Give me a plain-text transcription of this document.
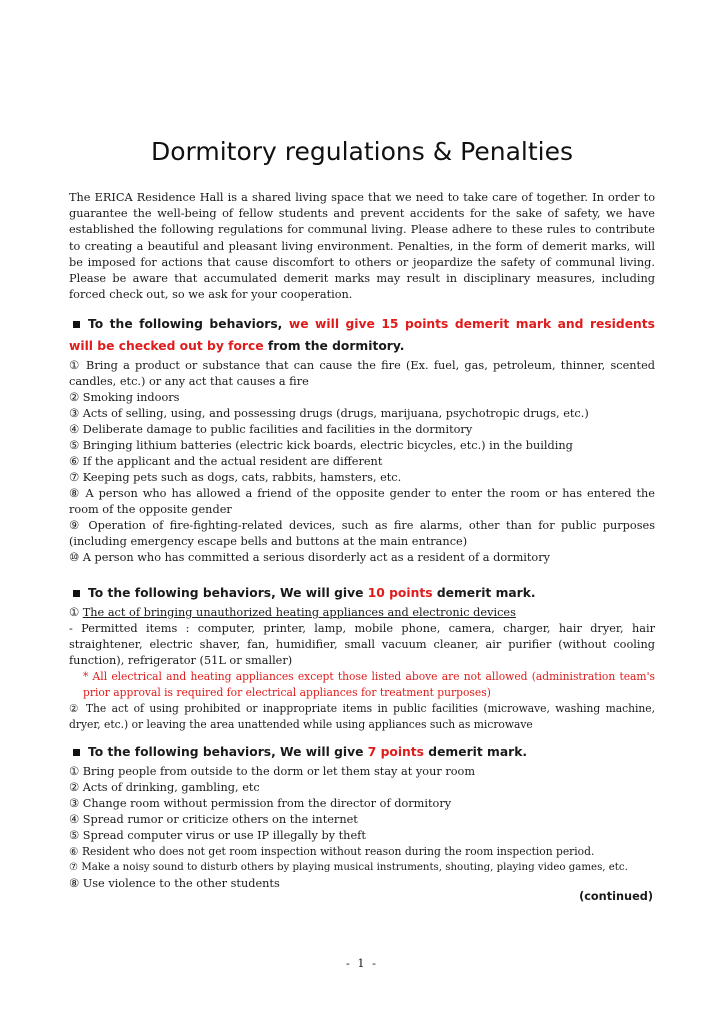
Dormitory regulations & Penalties
The ERICA Residence Hall is a shared living space that we need to take care of together. In order to guarantee the well-being of fellow students and prevent accidents for the sake of safety, we have established the following regulations for communal living. Please adhere to these rules to contribute to creating a beautiful and pleasant living environment. Penalties, in the form of demerit marks, will be imposed for actions that cause discomfort to others or jeopardize the safety of communal living. Please be aware that accumulated demerit marks may result in disciplinary measures, including forced check out, so we ask for your cooperation.
To the following behaviors, we will give 15 points demerit mark and residents will be checked out by force from the dormitory.
① Bring a product or substance that can cause the fire (Ex. fuel, gas, petroleum, thinner, scented candles, etc.) or any act that causes a fire
② Smoking indoors
③ Acts of selling, using, and possessing drugs (drugs, marijuana, psychotropic drugs, etc.)
④ Deliberate damage to public facilities and facilities in the dormitory
⑤ Bringing lithium batteries (electric kick boards, electric bicycles, etc.) in the building
⑥ If the applicant and the actual resident are different
⑦ Keeping pets such as dogs, cats, rabbits, hamsters, etc.
⑧ A person who has allowed a friend of the opposite gender to enter the room or has entered the room of the opposite gender
⑨ Operation of fire-fighting-related devices, such as fire alarms, other than for public purposes (including emergency escape bells and buttons at the main entrance)
⑩ A person who has committed a serious disorderly act as a resident of a dormitory
To the following behaviors, We will give 10 points demerit mark.
① The act of bringing unauthorized heating appliances and electronic devices
- Permitted items : computer, printer, lamp, mobile phone, camera, charger, hair dryer, hair straightener, electric shaver, fan, humidifier, small vacuum cleaner, air purifier (without cooling function), refrigerator (51L or smaller)
* All electrical and heating appliances except those listed above are not allowed (administration team's prior approval is required for electrical appliances for treatment purposes)
② The act of using prohibited or inappropriate items in public facilities (microwave, washing machine, dryer, etc.) or leaving the area unattended while using appliances such as microwave
To the following behaviors, We will give 7 points demerit mark.
① Bring people from outside to the dorm or let them stay at your room
② Acts of drinking, gambling, etc
③ Change room without permission from the director of dormitory
④ Spread rumor or criticize others on the internet
⑤ Spread computer virus or use IP illegally by theft
⑥ Resident who does not get room inspection without reason during the room inspection period.
⑦ Make a noisy sound to disturb others by playing musical instruments, shouting, playing video games, etc.
⑧ Use violence to the other students
(continued)
- 1 -
